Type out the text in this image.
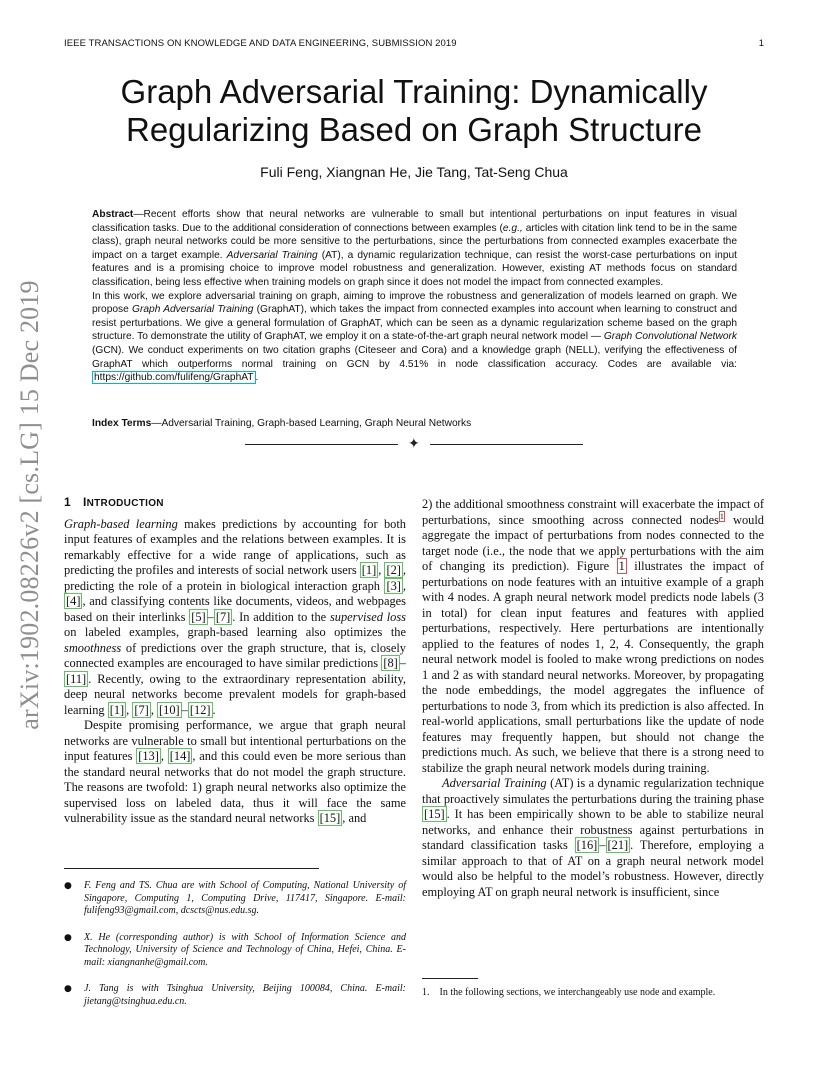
IEEE TRANSACTIONS ON KNOWLEDGE AND DATA ENGINEERING, SUBMISSION 2019	1
arXiv:1902.08226v2 [cs.LG] 15 Dec 2019
Graph Adversarial Training: Dynamically
Regularizing Based on Graph Structure
Fuli Feng, Xiangnan He, Jie Tang, Tat-Seng Chua

Abstract—Recent efforts show that neural networks are vulnerable to small but intentional perturbations on input features in visual classification tasks. Due to the additional consideration of connections between examples (e.g., articles with citation link tend to be in the same class), graph neural networks could be more sensitive to the perturbations, since the perturbations from connected examples exacerbate the impact on a target example. Adversarial Training (AT), a dynamic regularization technique, can resist the worst-case perturbations on input features and is a promising choice to improve model robustness and generalization. However, existing AT methods focus on standard classification, being less effective when training models on graph since it does not model the impact from connected examples.

In this work, we explore adversarial training on graph, aiming to improve the robustness and generalization of models learned on graph. We propose Graph Adversarial Training (GraphAT), which takes the impact from connected examples into account when learning to construct and resist perturbations. We give a general formulation of GraphAT, which can be seen as a dynamic regularization scheme based on the graph structure. To demonstrate the utility of GraphAT, we employ it on a state-of-the-art graph neural network model — Graph Convolutional Network (GCN). We conduct experiments on two citation graphs (Citeseer and Cora) and a knowledge graph (NELL), verifying the effectiveness of GraphAT which outperforms normal training on GCN by 4.51% in node classification accuracy. Codes are available via: https://github.com/fulifeng/GraphAT .

Index Terms—Adversarial Training, Graph-based Learning, Graph Neural Networks
✦
1 INTRODUCTION

Graph-based learning makes predictions by accounting for both input features of examples and the relations between examples. It is remarkably effective for a wide range of applications, such as predicting the profiles and interests of social network users [1] , [2] , predicting the role of a protein in biological interaction graph [3] , [4] , and classifying contents like documents, videos, and webpages based on their interlinks [5] – [7] . In addition to the supervised loss on labeled examples, graph-based learning also optimizes the smoothness of predictions over the graph structure, that is, closely connected examples are encouraged to have similar predictions [8] –[11] . Recently, owing to the extraordinary representation ability, deep neural networks become prevalent models for graph-based learning [1] , [7] , [10] – [12] .

Despite promising performance, we argue that graph neural networks are vulnerable to small but intentional perturbations on the input features [13] , [14] , and this could even be more serious than the standard neural networks that do not model the graph structure. The reasons are twofold: 1) graph neural networks also optimize the supervised loss on labeled data, thus it will face the same vulnerability issue as the standard neural networks [15] , and

● F. Feng and TS. Chua are with School of Computing, National University of Singapore, Computing 1, Computing Drive, 117417, Singapore. E-mail: fulifeng93@gmail.com, dcscts@nus.edu.sg.
● X. He (corresponding author) is with School of Information Science and Technology, University of Science and Technology of China, Hefei, China. E-mail: xiangnanhe@gmail.com.
● J. Tang is with Tsinghua University, Beijing 100084, China. E-mail: jietang@tsinghua.edu.cn.

2) the additional smoothness constraint will exacerbate the impact of perturbations, since smoothing across connected nodes$^1$ would aggregate the impact of perturbations from nodes connected to the target node (i.e., the node that we apply perturbations with the aim of changing its prediction). Figure 1 illustrates the impact of perturbations on node features with an intuitive example of a graph with 4 nodes. A graph neural network model predicts node labels (3 in total) for clean input features and features with applied perturbations, respectively. Here perturbations are intentionally applied to the features of nodes 1, 2, 4. Consequently, the graph neural network model is fooled to make wrong predictions on nodes 1 and 2 as with standard neural networks. Moreover, by propagating the node embeddings, the model aggregates the influence of perturbations to node 3, from which its prediction is also affected. In real-world applications, small perturbations like the update of node features may frequently happen, but should not change the predictions much. As such, we believe that there is a strong need to stabilize the graph neural network models during training.

Adversarial Training (AT) is a dynamic regularization technique that proactively simulates the perturbations during the training phase [15] . It has been empirically shown to be able to stabilize neural networks, and enhance their robustness against perturbations in standard classification tasks [16] – [21] . Therefore, employing a similar approach to that of AT on a graph neural network model would also be helpful to the model’s robustness. However, directly employing AT on graph neural network is insufficient, since

1. In the following sections, we interchangeably use node and example.
